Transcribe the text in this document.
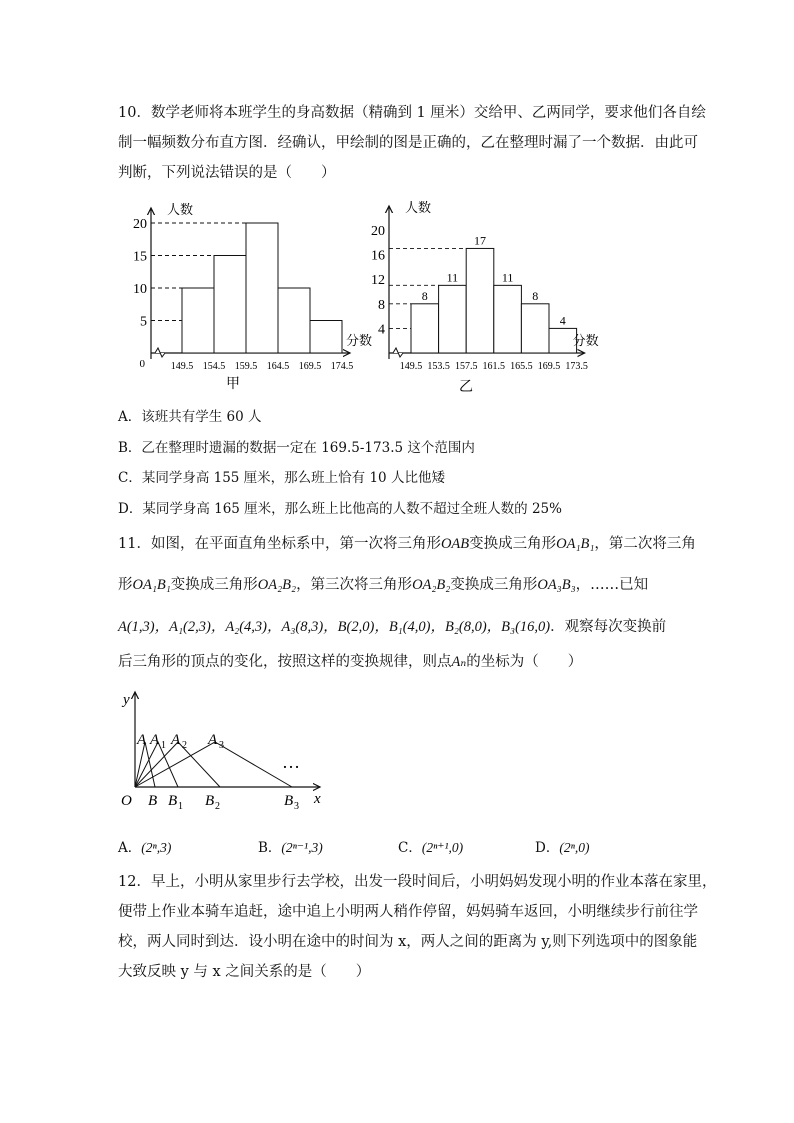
10．数学老师将本班学生的身高数据（精确到 1 厘米）交给甲、乙两同学，要求他们各自绘
制一幅频数分布直方图．经确认，甲绘制的图是正确的，乙在整理时漏了一个数据．由此可
判断，下列说法错误的是（　　）
5
10
15
20
149.5 154.5 159.5 164.5 169.5 174.5
人数
分数
0
8
11
17
11
8
4
4
8
12
16
20
149.5 153.5 157.5 161.5 165.5 169.5 173.5
人数
分数
甲	乙
A．该班共有学生 60 人
B．乙在整理时遗漏的数据一定在 169.5-173.5 这个范围内
C．某同学身高 155 厘米，那么班上恰有 10 人比他矮
D．某同学身高 165 厘米，那么班上比他高的人数不超过全班人数的 25%
11．如图，在平面直角坐标系中，第一次将三角形OAB变换成三角形OA₁B₁，第二次将三角
形OA₁B₁变换成三角形OA₂B₂，第三次将三角形OA₂B₂变换成三角形OA₃B₃，……已知
A(1,3)，A₁(2,3)，A₂(4,3)，A₃(8,3)，B(2,0)，B₁(4,0)，B₂(8,0)，B₃(16,0)．观察每次变换前
后三角形的顶点的变化，按照这样的变换规律，则点Aₙ的坐标为（　　）
y
x
O
A A 1 A 2 A 3
B B 1 B 2	B 3
…
A．(2ⁿ,3)	B．(2ⁿ⁻¹,3)	C．(2ⁿ⁺¹,0)	D．(2ⁿ,0)
12．早上，小明从家里步行去学校，出发一段时间后，小明妈妈发现小明的作业本落在家里，
便带上作业本骑车追赶，途中追上小明两人稍作停留，妈妈骑车返回，小明继续步行前往学
校，两人同时到达．设小明在途中的时间为 x，两人之间的距离为 y,则下列选项中的图象能
大致反映 y 与 x 之间关系的是（　　）
